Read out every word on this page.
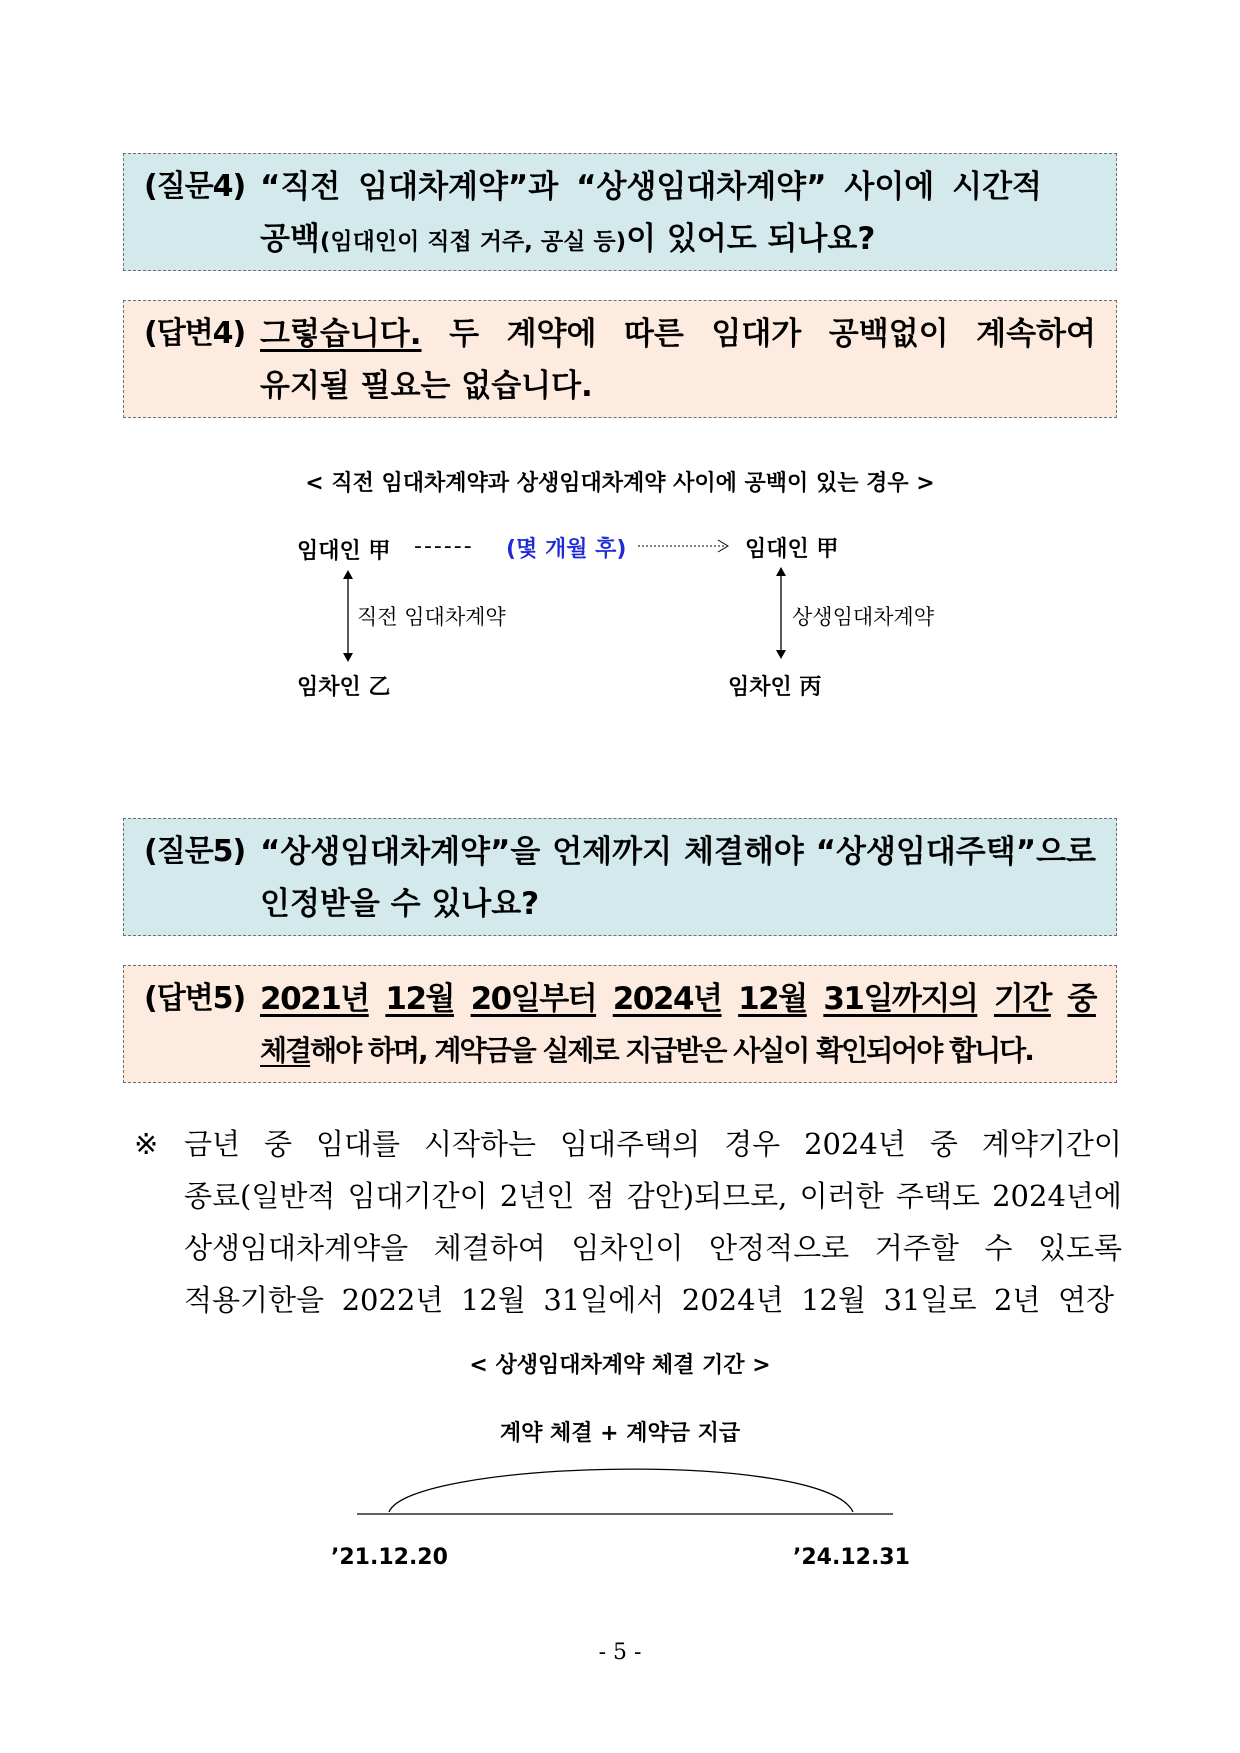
(질문4) “직전 임대차계약”과 “상생임대차계약” 사이에 시간적
공백(임대인이 직접 거주, 공실 등)이 있어도 되나요?
(답변4) 그렇습니다. 두 계약에 따른 임대가 공백없이 계속하여
유지될 필요는 없습니다.
< 직전 임대차계약과 상생임대차계약 사이에 공백이 있는 경우 >
임대인 甲 ------ (몇 개월 후)	임대인 甲
직전 임대차계약	상생임대차계약
임차인 乙	임차인 丙
(질문5) “상생임대차계약”을 언제까지 체결해야 “상생임대주택”으로
인정받을 수 있나요?
(답변5) 2021년 12월 20일부터 2024년 12월 31일까지의 기간 중
체결해야 하며, 계약금을 실제로 지급받은 사실이 확인되어야 합니다.
※ 금년 중 임대를 시작하는 임대주택의 경우 2024년 중 계약기간이
종료(일반적 임대기간이 2년인 점 감안)되므로, 이러한 주택도 2024년에
상생임대차계약을 체결하여 임차인이 안정적으로 거주할 수 있도록
적용기한을 2022년 12월 31일에서 2024년 12월 31일로 2년 연장
< 상생임대차계약 체결 기간 >
계약 체결 + 계약금 지급
’21.12.20	’24.12.31
- 5 -
